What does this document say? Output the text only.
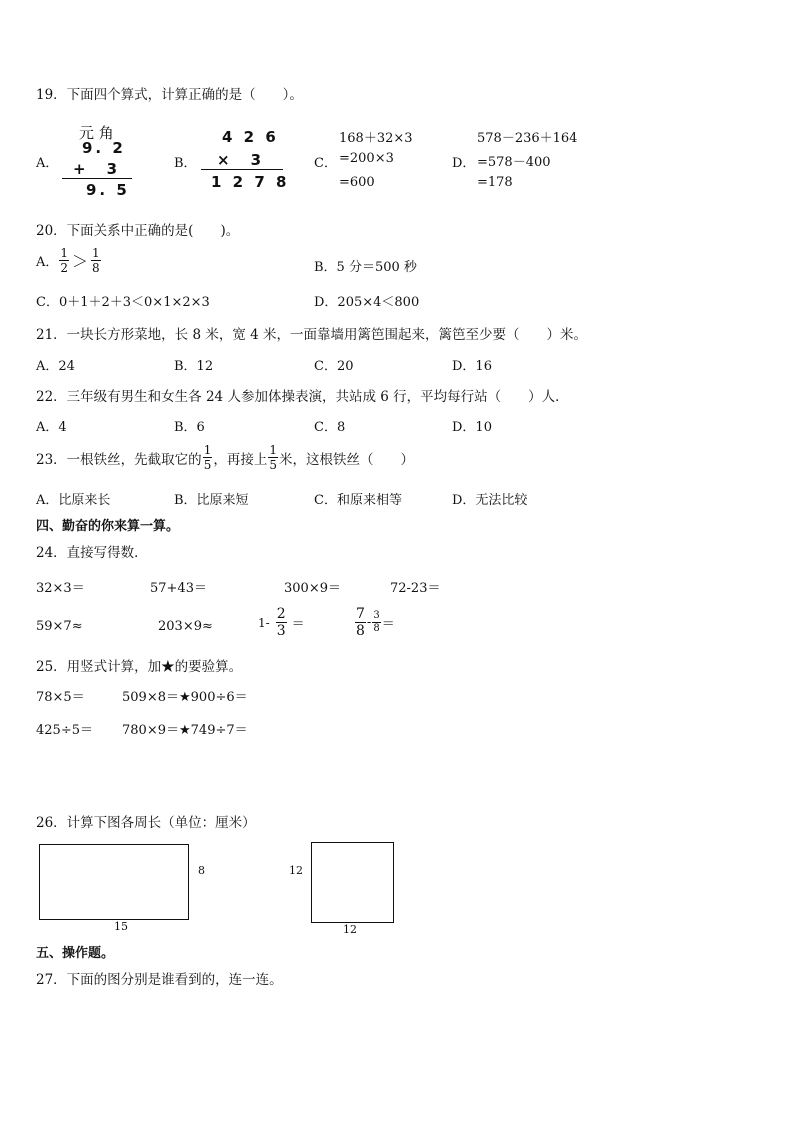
19．下面四个算式，计算正确的是（　　）。
A．
元 角
9. 2
+　3
9. 5
B．
4 2 6
×　3
1 2 7 8
C．
168＋32×3
=200×3
=600
D．
578－236＋164
=578－400
=178
20．下面关系中正确的是(　　)。
A． $\frac{1}{2} > \frac{1}{8}$	B．5 分＝500 秒
C．0＋1＋2＋3＜0×1×2×3	D．205×4＜800
21．一块长方形菜地，长 8 米，宽 4 米，一面靠墙用篱笆围起来，篱笆至少要（　　）米。
A．24	B．12	C．20	D．16
22．三年级有男生和女生各 24 人参加体操表演，共站成 6 行，平均每行站（　　）人．
A．4	B．6	C．8	D．10
23．一根铁丝，先截取它的 $\frac{1}{5}$ ，再接上 $\frac{1}{5}$ 米，这根铁丝（　　）
A．比原来长	B．比原来短	C．和原来相等	D．无法比较
四、勤奋的你来算一算。
24．直接写得数．
32×3＝	57+43＝	300×9＝	72-23＝
59×7≈	203×9≈	$1- \frac{2}{3}$ ＝	$\frac{7}{8} - \frac{3}{8}$ ＝
25．用竖式计算，加★的要验算。
78×5＝	509×8＝ ★900÷6＝
425÷5＝ 780×9＝ ★749÷7＝
26．计算下图各周长（单位：厘米）
8
15
12
12
五、操作题。
27．下面的图分别是谁看到的，连一连。
